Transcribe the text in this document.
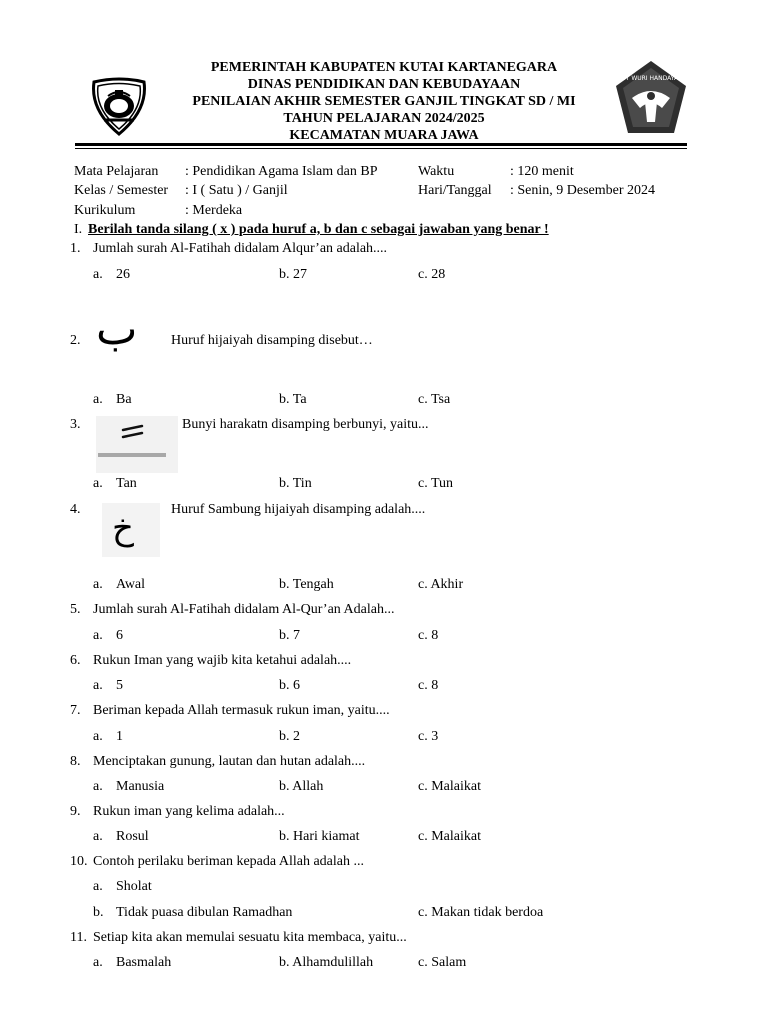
TUT WURI HANDAYANI
PEMERINTAH KABUPATEN KUTAI KARTANEGARA
DINAS PENDIDIKAN DAN KEBUDAYAAN
PENILAIAN AKHIR SEMESTER GANJIL TINGKAT SD / MI
TAHUN PELAJARAN 2024/2025
KECAMATAN MUARA JAWA
Mata Pelajaran : Pendidikan Agama Islam dan BP	Waktu	: 120 menit
Kelas / Semester : I ( Satu ) / Ganjil	Hari/Tanggal : Senin, 9 Desember 2024
Kurikulum	: Merdeka
I. Berilah tanda silang ( x ) pada huruf a, b dan c sebagai jawaban yang benar !
1. Jumlah surah Al-Fatihah didalam Alqur’an adalah....
a. 26	b. 27	c. 28
2. ب Huruf hijaiyah disamping disebut…
a. Ba	b. Ta	c. Tsa
3.	Bunyi harakatn disamping berbunyi, yaitu...
a. Tan	b. Tin	c. Tun
4. خ	Huruf Sambung hijaiyah disamping adalah....
a. Awal	b. Tengah	c. Akhir
5. Jumlah surah Al-Fatihah didalam Al-Qur’an Adalah...
a. 6	b. 7	c. 8
6. Rukun Iman yang wajib kita ketahui adalah....
a. 5	b. 6	c. 8
7. Beriman kepada Allah termasuk rukun iman, yaitu....
a. 1	b. 2	c. 3
8. Menciptakan gunung, lautan dan hutan adalah....
a. Manusia	b. Allah	c. Malaikat
9. Rukun iman yang kelima adalah...
a. Rosul	b. Hari kiamat	c. Malaikat
10. Contoh perilaku beriman kepada Allah adalah ...
a. Sholat
b. Tidak puasa dibulan Ramadhan	c. Makan tidak berdoa
11. Setiap kita akan memulai sesuatu kita membaca, yaitu...
a. Basmalah	b. Alhamdulillah	c. Salam
